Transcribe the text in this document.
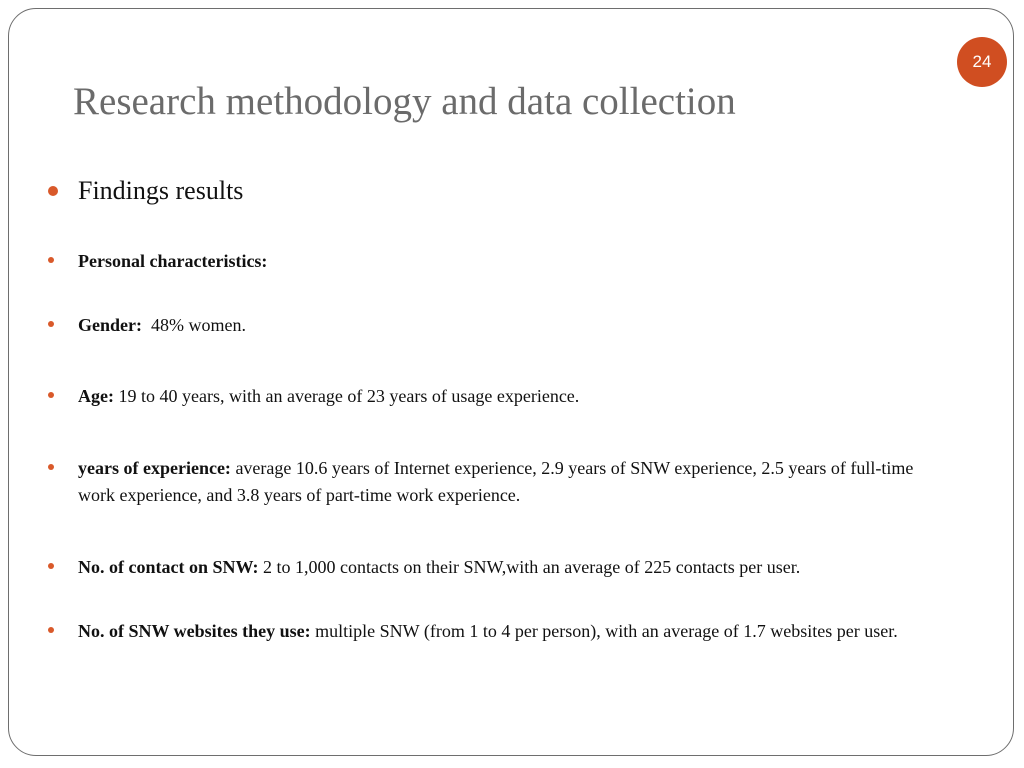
24
Research methodology and data collection
Findings results
Personal characteristics:
Gender:  48% women.
Age: 19 to 40 years, with an average of 23 years of usage experience.
years of experience: average 10.6 years of Internet experience, 2.9 years of SNW experience, 2.5 years of full-time work experience, and 3.8 years of part-time work experience.
No. of contact on SNW: 2 to 1,000 contacts on their SNW,with an average of 225 contacts per user.
No. of SNW websites they use: multiple SNW (from 1 to 4 per person), with an average of 1.7 websites per user.
